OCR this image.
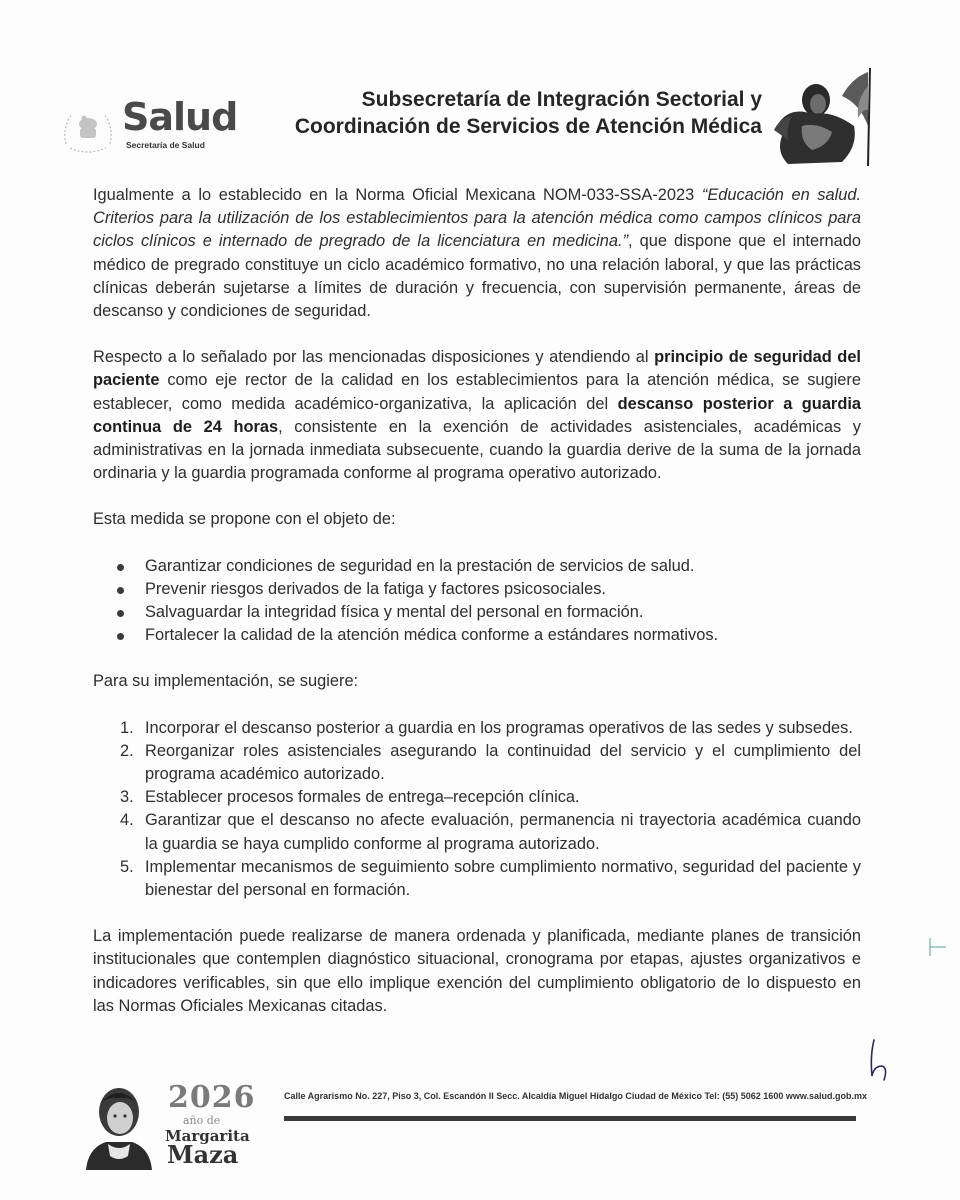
Salud
Secretaría de Salud
Subsecretaría de Integración Sectorial y
Coordinación de Servicios de Atención Médica

Igualmente a lo establecido en la Norma Oficial Mexicana NOM-033-SSA-2023 “Educación en salud. Criterios para la utilización de los establecimientos para la atención médica como campos clínicos para ciclos clínicos e internado de pregrado de la licenciatura en medicina.”, que dispone que el internado médico de pregrado constituye un ciclo académico formativo, no una relación laboral, y que las prácticas clínicas deberán sujetarse a límites de duración y frecuencia, con supervisión permanente, áreas de descanso y condiciones de seguridad.

Respecto a lo señalado por las mencionadas disposiciones y atendiendo al principio de seguridad del paciente como eje rector de la calidad en los establecimientos para la atención médica, se sugiere establecer, como medida académico-organizativa, la aplicación del descanso posterior a guardia continua de 24 horas, consistente en la exención de actividades asistenciales, académicas y administrativas en la jornada inmediata subsecuente, cuando la guardia derive de la suma de la jornada ordinaria y la guardia programada conforme al programa operativo autorizado.

Esta medida se propone con el objeto de:

Garantizar condiciones de seguridad en la prestación de servicios de salud.
Prevenir riesgos derivados de la fatiga y factores psicosociales.
Salvaguardar la integridad física y mental del personal en formación.
Fortalecer la calidad de la atención médica conforme a estándares normativos.

Para su implementación, se sugiere:

1. Incorporar el descanso posterior a guardia en los programas operativos de las sedes y subsedes.
2. Reorganizar roles asistenciales asegurando la continuidad del servicio y el cumplimiento del programa académico autorizado.
3. Establecer procesos formales de entrega–recepción clínica.
4. Garantizar que el descanso no afecte evaluación, permanencia ni trayectoria académica cuando la guardia se haya cumplido conforme al programa autorizado.
5. Implementar mecanismos de seguimiento sobre cumplimiento normativo, seguridad del paciente y bienestar del personal en formación.

La implementación puede realizarse de manera ordenada y planificada, mediante planes de transición institucionales que contemplen diagnóstico situacional, cronograma por etapas, ajustes organizativos e indicadores verificables, sin que ello implique exención del cumplimiento obligatorio de lo dispuesto en las Normas Oficiales Mexicanas citadas.

2026
año de
Margarita
Maza
Calle Agrarismo No. 227, Piso 3, Col. Escandón II Secc. Alcaldía Miguel Hidalgo Ciudad de México Tel: (55) 5062 1600 www.salud.gob.mx
